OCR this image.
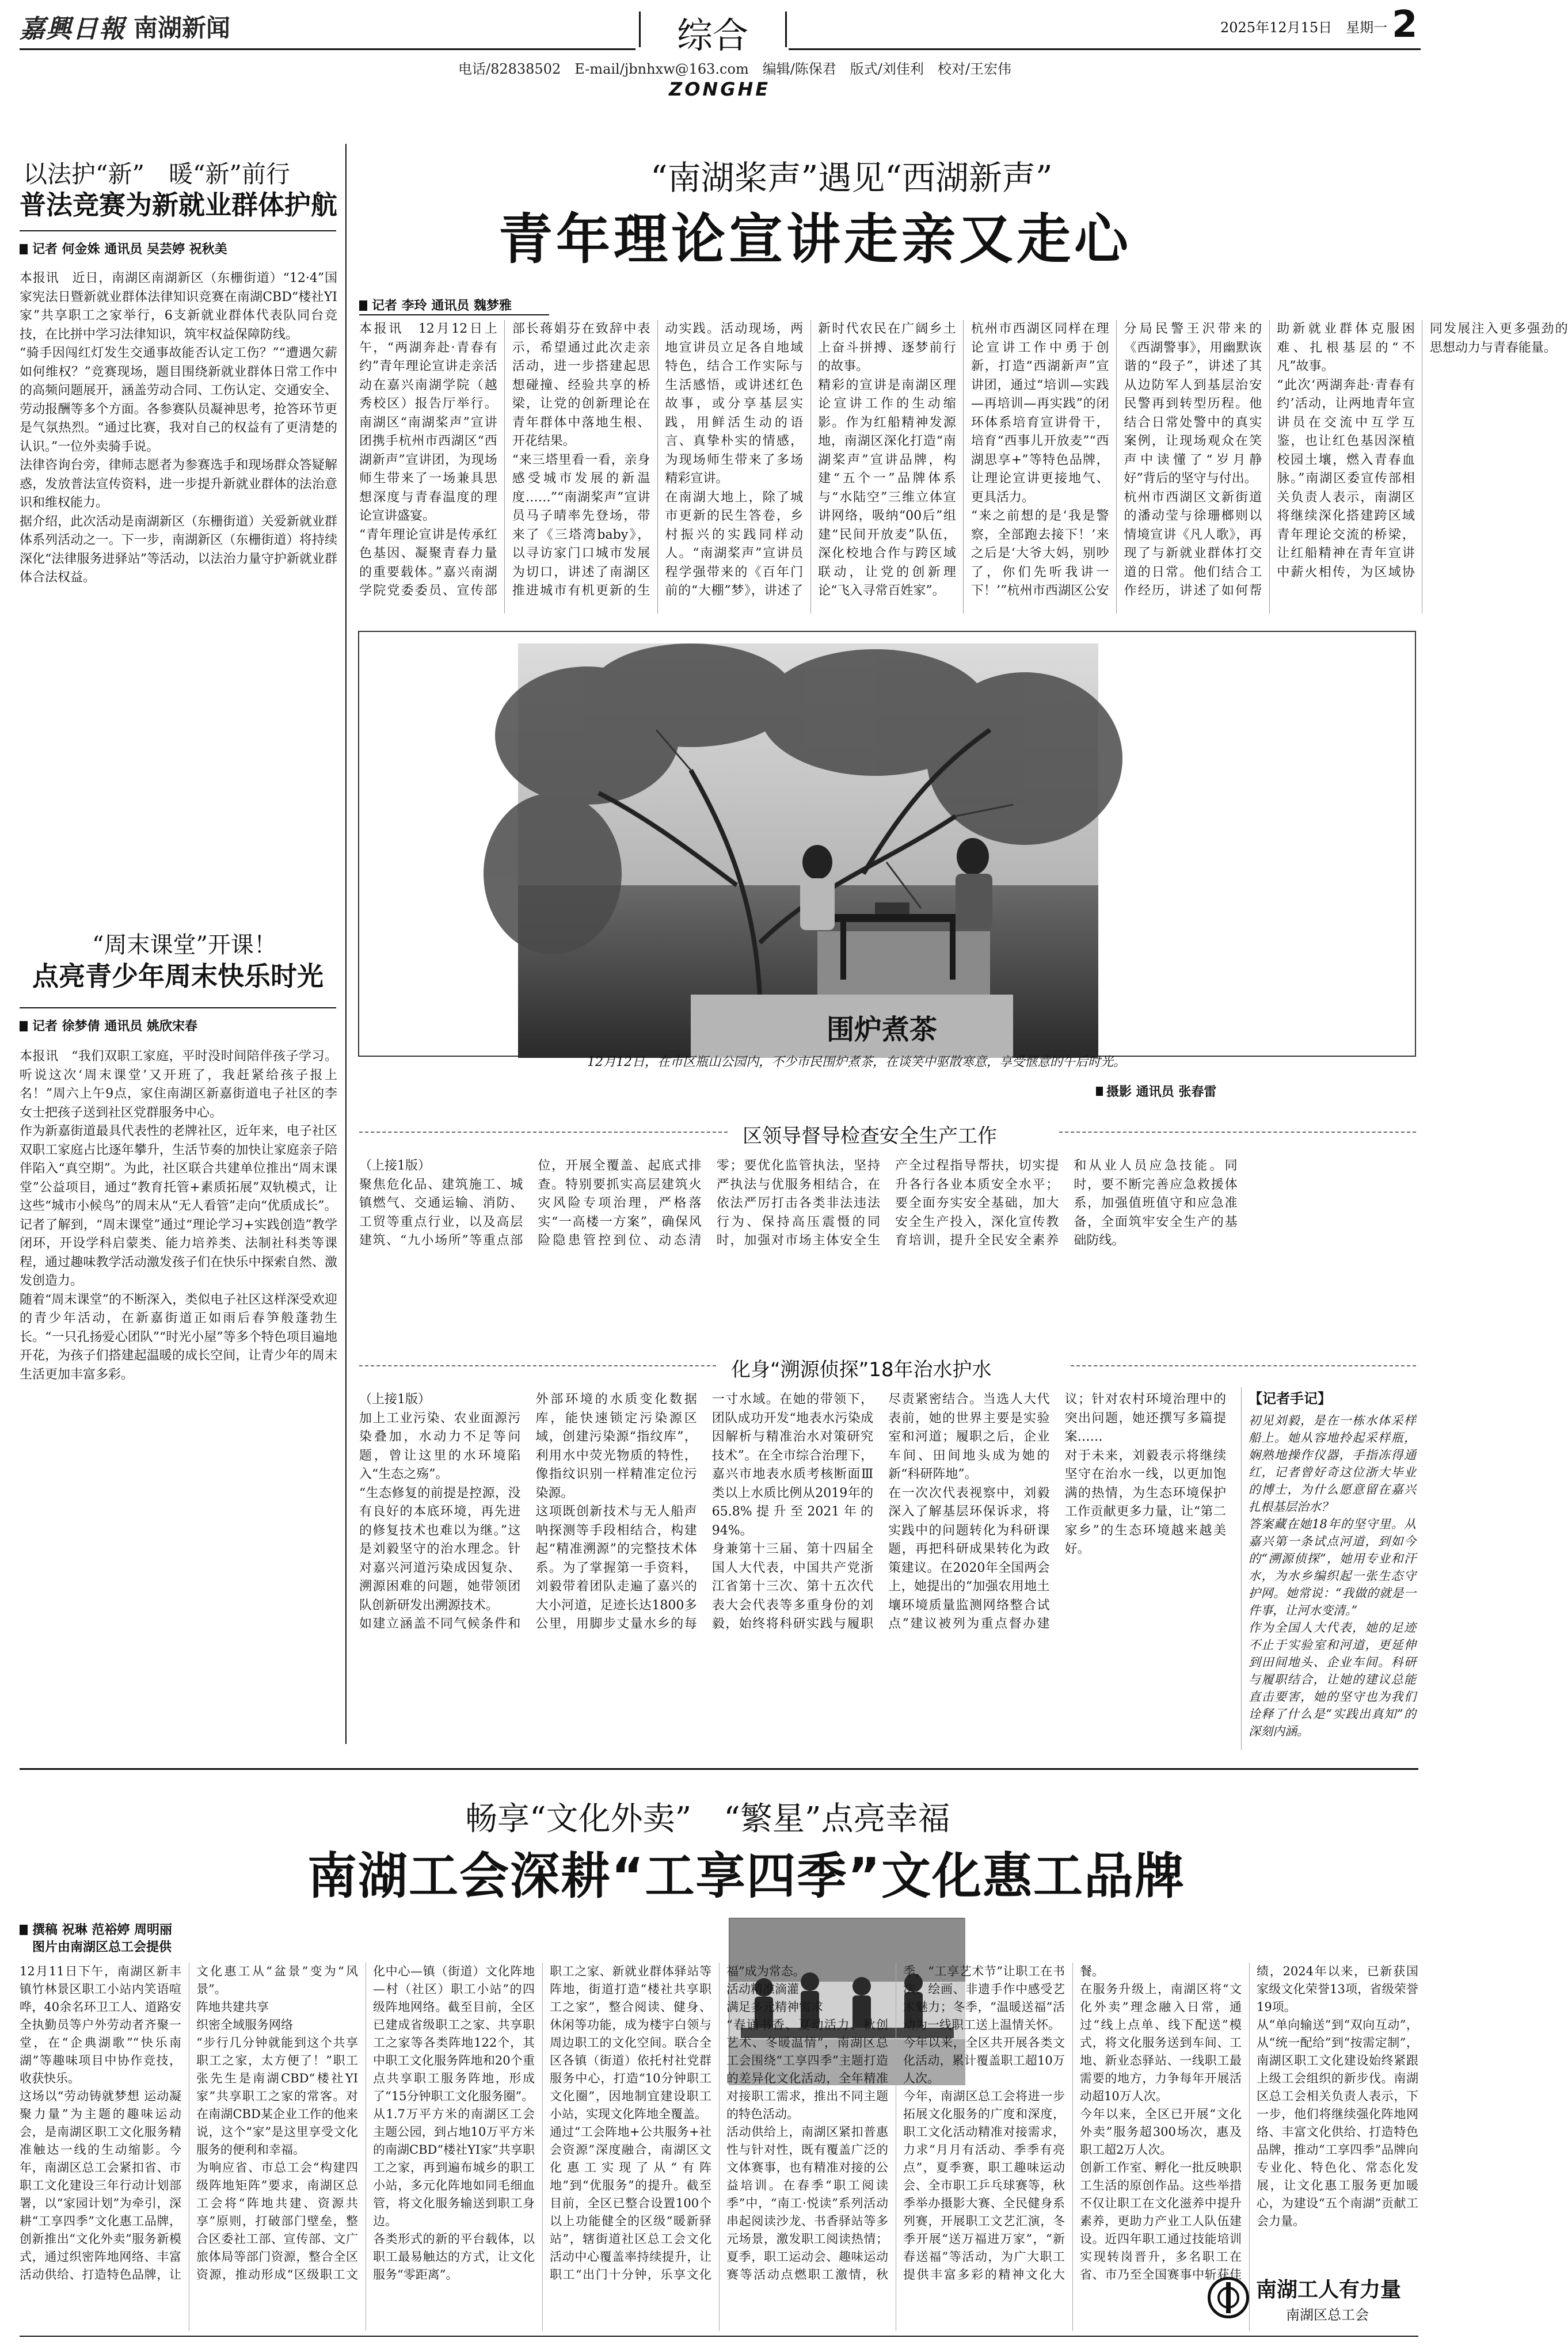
嘉興日報 南湖新闻	综合	2025年12月15日　 星期一 2
电话/82838502　E-mail/jbnhxw@163.com　编辑/陈保君　版式/刘佳利　校对/王宏伟
ZONGHE
以法护“新”　暖“新”前行
普法竞赛为新就业群体护航
记者 何金姝 通讯员 吴芸婷 祝秋美
本报讯　近日，南湖区南湖新区（东栅街道）“12·4”国家宪法日暨新就业群体法律知识竞赛在南湖CBD“楼社YI家”共享职工之家举行，6支新就业群体代表队同台竞技，在比拼中学习法律知识，筑牢权益保障防线。
“骑手因闯红灯发生交通事故能否认定工伤？”“遭遇欠薪如何维权？”竞赛现场，题目围绕新就业群体日常工作中的高频问题展开，涵盖劳动合同、工伤认定、交通安全、劳动报酬等多个方面。各参赛队员凝神思考，抢答环节更是气氛热烈。“通过比赛，我对自己的权益有了更清楚的认识。”一位外卖骑手说。
法律咨询台旁，律师志愿者为参赛选手和现场群众答疑解惑，发放普法宣传资料，进一步提升新就业群体的法治意识和维权能力。
据介绍，此次活动是南湖新区（东栅街道）关爱新就业群体系列活动之一。下一步，南湖新区（东栅街道）将持续深化“法律服务进驿站”等活动，以法治力量守护新就业群体合法权益。
“周末课堂”开课！
点亮青少年周末快乐时光
记者 徐梦倩 通讯员 姚欣宋春
本报讯　“我们双职工家庭，平时没时间陪伴孩子学习。听说这次‘周末课堂’又开班了，我赶紧给孩子报上名！”周六上午9点，家住南湖区新嘉街道电子社区的李女士把孩子送到社区党群服务中心。
作为新嘉街道最具代表性的老牌社区，近年来，电子社区双职工家庭占比逐年攀升，生活节奏的加快让家庭亲子陪伴陷入“真空期”。为此，社区联合共建单位推出“周末课堂”公益项目，通过“教育托管+素质拓展”双轨模式，让这些“城市小候鸟”的周末从“无人看管”走向“优质成长”。
记者了解到，“周末课堂”通过“理论学习+实践创造”教学闭环，开设学科启蒙类、能力培养类、法制社科类等课程，通过趣味教学活动激发孩子们在快乐中探索自然、激发创造力。
随着“周末课堂”的不断深入，类似电子社区这样深受欢迎的青少年活动，在新嘉街道正如雨后春笋般蓬勃生长。“一只孔扬爱心团队”“时光小屋”等多个特色项目遍地开花，为孩子们搭建起温暖的成长空间，让青少年的周末生活更加丰富多彩。
“南湖桨声”遇见“西湖新声”
青年理论宣讲走亲又走心
记者 李玲 通讯员 魏梦雅
本报讯　12月12日上午，“两湖奔赴·青春有约”青年理论宣讲走亲活动在嘉兴南湖学院（越秀校区）报告厅举行。南湖区“南湖桨声”宣讲团携手杭州市西湖区“西湖新声”宣讲团，为现场师生带来了一场兼具思想深度与青春温度的理论宣讲盛宴。
“青年理论宣讲是传承红色基因、凝聚青春力量的重要载体。”嘉兴南湖学院党委委员、宣传部部长蒋娟芬在致辞中表示，希望通过此次走亲活动，进一步搭建起思想碰撞、经验共享的桥梁，让党的创新理论在青年群体中落地生根、开花结果。
“来三塔里看一看，亲身感受城市发展的新温度……”“南湖桨声”宣讲员马子晴率先登场，带来了《三塔湾baby》，以寻访家门口城市发展为切口，讲述了南湖区推进城市有机更新的生动实践。活动现场，两地宣讲员立足各自地域特色，结合工作实际与生活感悟，或讲述红色故事，或分享基层实践，用鲜活生动的语言、真挚朴实的情感，为现场师生带来了多场精彩宣讲。
在南湖大地上，除了城市更新的民生答卷，乡村振兴的实践同样动人。“南湖桨声”宣讲员程学强带来的《百年门前的“大棚”梦》，讲述了新时代农民在广阔乡土上奋斗拼搏、逐梦前行的故事。
精彩的宣讲是南湖区理论宣讲工作的生动缩影。作为红船精神发源地，南湖区深化打造“南湖桨声”宣讲品牌，构建“五个一”品牌体系与“水陆空”三维立体宣讲网络，吸纳“00后”组建“民间开放麦”队伍，深化校地合作与跨区域联动，让党的创新理论“飞入寻常百姓家”。
杭州市西湖区同样在理论宣讲工作中勇于创新，打造“西湖新声”宣讲团，通过“培训—实践—再培训—再实践”的闭环体系培育宣讲骨干，培育“西事儿开放麦”“西湖思享+”等特色品牌，让理论宣讲更接地气、更具活力。
“来之前想的是‘我是警察，全部跑去接下！’来之后是‘大爷大妈，别吵了，你们先听我讲一下！’”杭州市西湖区公安分局民警王沢带来的《西湖警事》，用幽默诙谐的“段子”，讲述了其从边防军人到基层治安民警再到转型历程。他结合日常处警中的真实案例，让现场观众在笑声中读懂了“岁月静好”背后的坚守与付出。
杭州市西湖区文新街道的潘动莹与徐珊榔则以情境宣讲《凡人歌》，再现了与新就业群体打交道的日常。他们结合工作经历，讲述了如何帮助新就业群体克服困难、扎根基层的“不凡”故事。
“此次‘两湖奔赴·青春有约’活动，让两地青年宣讲员在交流中互学互鉴，也让红色基因深植校园土壤，燃入青春血脉。”南湖区委宣传部相关负责人表示，南湖区将继续深化搭建跨区域青年理论交流的桥梁，让红船精神在青年宣讲中薪火相传，为区域协同发展注入更多强劲的思想动力与青春能量。
围炉煮茶
12月12日，在市区瓶山公园内，不少市民围炉煮茶，在谈笑中驱散寒意，享受惬意的午后时光。
摄影 通讯员 张春雷
区领导督导检查安全生产工作
（上接1版）
聚焦危化品、建筑施工、城镇燃气、交通运输、消防、工贸等重点行业，以及高层建筑、“九小场所”等重点部位，开展全覆盖、起底式排查。特别要抓实高层建筑火灾风险专项治理，严格落实“一高楼一方案”，确保风险隐患管控到位、动态清零；要优化监管执法，坚持严执法与优服务相结合，在依法严厉打击各类非法违法行为、保持高压震慑的同时，加强对市场主体安全生产全过程指导帮扶，切实提升各行各业本质安全水平；要全面夯实安全基础，加大安全生产投入，深化宣传教育培训，提升全民安全素养和从业人员应急技能。同时，要不断完善应急救援体系，加强值班值守和应急准备，全面筑牢安全生产的基础防线。
化身“溯源侦探”18年治水护水
（上接1版）
加上工业污染、农业面源污染叠加，水动力不足等问题，曾让这里的水环境陷入“生态之殇”。
“生态修复的前提是控源，没有良好的本底环境，再先进的修复技术也难以为继。”这是刘毅坚守的治水理念。针对嘉兴河道污染成因复杂、溯源困难的问题，她带领团队创新研发出溯源技术。
如建立涵盖不同气候条件和外部环境的水质变化数据库，能快速锁定污染源区域，创建污染源“指纹库”，利用水中荧光物质的特性，像指纹识别一样精准定位污染源。
这项既创新技术与无人船声呐探测等手段相结合，构建起“精准溯源”的完整技术体系。为了掌握第一手资料，刘毅带着团队走遍了嘉兴的大小河道，足迹长达1800多公里，用脚步丈量水乡的每一寸水域。在她的带领下，团队成功开发“地表水污染成因解析与精准治水对策研究技术”。在全市综合治理下，嘉兴市地表水质考核断面Ⅲ类以上水质比例从2019年的65.8%提升至2021年的94%。
身兼第十三届、第十四届全国人大代表，中国共产党浙江省第十三次、第十五次代表大会代表等多重身份的刘毅，始终将科研实践与履职尽责紧密结合。当选人大代表前，她的世界主要是实验室和河道；履职之后，企业车间、田间地头成为她的新“科研阵地”。
在一次次代表视察中，刘毅深入了解基层环保诉求，将实践中的问题转化为科研课题，再把科研成果转化为政策建议。在2020年全国两会上，她提出的“加强农用地土壤环境质量监测网络整合试点”建议被列为重点督办建议；针对农村环境治理中的突出问题，她还撰写多篇提案……
对于未来，刘毅表示将继续坚守在治水一线，以更加饱满的热情，为生态环境保护工作贡献更多力量，让“第二家乡”的生态环境越来越美好。
【记者手记】
初见刘毅，是在一栋水体采样船上。她从容地拎起采样瓶，娴熟地操作仪器，手指冻得通红，记者曾好奇这位浙大毕业的博士，为什么愿意留在嘉兴扎根基层治水？
答案藏在她18年的坚守里。从嘉兴第一条试点河道，到如今的“溯源侦探”，她用专业和汗水，为水乡编织起一张生态守护网。她常说：“我做的就是一件事，让河水变清。”
作为全国人大代表，她的足迹不止于实验室和河道，更延伸到田间地头、企业车间。科研与履职结合，让她的建议总能直击要害，她的坚守也为我们诠释了什么是“实践出真知”的深刻内涵。
畅享“文化外卖”　“繁星”点亮幸福
南湖工会深耕“工享四季”文化惠工品牌
撰稿 祝琳 范裕婷 周明丽
图片由南湖区总工会提供
南湖工人有力量
南湖区总工会
12月11日下午，南湖区新丰镇竹林景区职工小站内笑语喧哗，40余名环卫工人、道路安全执勤员等户外劳动者齐聚一堂，在“企典湖歌”“快乐南湖”等趣味项目中协作竞技，收获快乐。
这场以“劳动铸就梦想 运动凝聚力量”为主题的趣味运动会，是南湖区职工文化服务精准触达一线的生动缩影。今年，南湖区总工会紧扣省、市职工文化建设三年行动计划部署，以“家园计划”为牵引，深耕“工享四季”文化惠工品牌，创新推出“文化外卖”服务新模式，通过织密阵地网络、丰富活动供给、打造特色品牌，让文化惠工从“盆景”变为“风景”。
阵地共建共享
织密全域服务网络
“步行几分钟就能到这个共享职工之家，太方便了！”职工张先生是南湖CBD“楼社YI家”共享职工之家的常客。对在南湖CBD某企业工作的他来说，这个“家”是这里享受文化服务的便利和幸福。
为响应省、市总工会“构建四级阵地矩阵”要求，南湖区总工会将“阵地共建、资源共享”原则，打破部门壁垒，整合区委社工部、宣传部、文广旅体局等部门资源，整合全区资源，推动形成“区级职工文化中心—镇（街道）文化阵地—村（社区）职工小站”的四级阵地网络。截至目前，全区已建成省级职工之家、共享职工之家等各类阵地122个，其中职工文化服务阵地和20个重点共享职工服务阵地，形成了“15分钟职工文化服务圈”。
从1.7万平方米的南湖区工会主题公园，到占地10万平方米的南湖CBD“楼社YI家”共享职工之家，再到遍布城乡的职工小站，多元化阵地如同毛细血管，将文化服务输送到职工身边。
各类形式的新的平台载体，以职工最易触达的方式，让文化服务“零距离”。
职工之家、新就业群体驿站等阵地，街道打造“楼社共享职工之家”，整合阅读、健身、休闲等功能，成为楼宇白领与周边职工的文化空间。联合全区各镇（街道）依托村社党群服务中心，打造“10分钟职工文化圈”，因地制宜建设职工小站，实现文化阵地全覆盖。
通过“工会阵地+公共服务+社会资源”深度融合，南湖区文化惠工实现了从“有阵地”到“优服务”的提升。截至目前，全区已整合设置100个以上功能健全的区级“暖新驿站”，辖街道社区总工会文化活动中心覆盖率持续提升，让职工“出门十分钟，乐享文化福”成为常态。
活动精准滴灌
满足多元精神需求
“春诵书香、夏动活力、秋创艺术、冬暖温情”，南湖区总工会围绕“工享四季”主题打造的差异化文化活动，全年精准对接职工需求，推出不同主题的特色活动。
活动供给上，南湖区紧扣普惠性与针对性，既有覆盖广泛的文体赛事，也有精准对接的公益培训。在春季“职工阅读季”中，“南工·悦读”系列活动串起阅读沙龙、书香驿站等多元场景，激发职工阅读热情；夏季，职工运动会、趣味运动赛等活动点燃职工激情，秋季，“工享艺术节”让职工在书法、绘画、非遗手作中感受艺术魅力；冬季，“温暖送福”活动为一线职工送上温情关怀。
今年以来，全区共开展各类文化活动，累计覆盖职工超10万人次。
今年，南湖区总工会将进一步拓展文化服务的广度和深度，职工文化活动精准对接需求，力求“月月有活动、季季有亮点”，夏季赛，职工趣味运动会、全市职工乒乓球赛等，秋季举办摄影大赛、全民健身系列赛，开展职工文艺汇演，冬季开展“送万福进万家”，“新春送福”等活动，为广大职工提供丰富多彩的精神文化大餐。
在服务升级上，南湖区将“文化外卖”理念融入日常，通过“线上点单、线下配送”模式，将文化服务送到车间、工地、新业态驿站、一线职工最需要的地方，力争每年开展活动超10万人次。
今年以来，全区已开展“文化外卖”服务超300场次，惠及职工超2万人次。
创新工作室、孵化一批反映职工生活的原创作品。这些举措不仅让职工在文化滋养中提升素养，更助力产业工人队伍建设。近四年职工通过技能培训实现转岗晋升，多名职工在省、市乃至全国赛事中斩获佳绩，2024年以来，已新获国家级文化荣誉13项，省级荣誉19项。
从“单向输送”到“双向互动”，从“统一配给”到“按需定制”，南湖区职工文化建设始终紧跟上级工会组织的新步伐。南湖区总工会相关负责人表示，下一步，他们将继续强化阵地网络、丰富文化供给、打造特色品牌，推动“工享四季”品牌向专业化、特色化、常态化发展，让文化惠工服务更加暖心，为建设“五个南湖”贡献工会力量。
